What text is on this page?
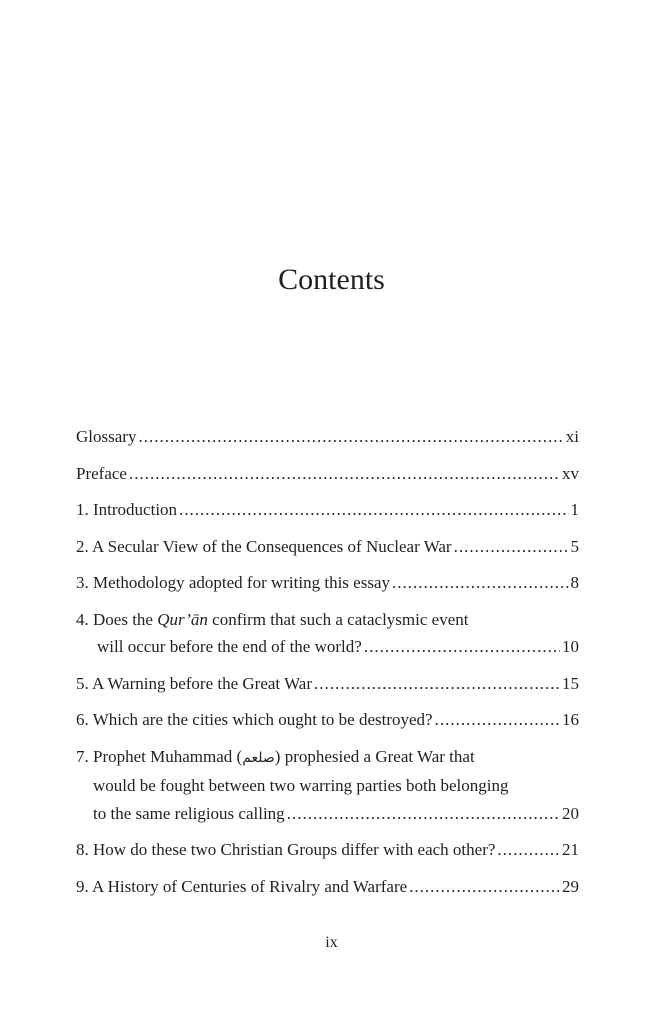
Contents
Glossary .....	xi
Preface .....	xv
1. Introduction .....	1
2. A Secular View of the Consequences of Nuclear War .....	5
3. Methodology adopted for writing this essay .....	8
4. Does the Qur’ān confirm that such a cataclysmic event
will occur before the end of the world? .....	10
5. A Warning before the Great War .....	15
6. Which are the cities which ought to be destroyed? .....	16
7. Prophet Muhammad ( صلعم ) prophesied a Great War that
would be fought between two warring parties both belonging
to the same religious calling .....	20
8. How do these two Christian Groups differ with each other? .....	21
9. A History of Centuries of Rivalry and Warfare .....	29
ix
